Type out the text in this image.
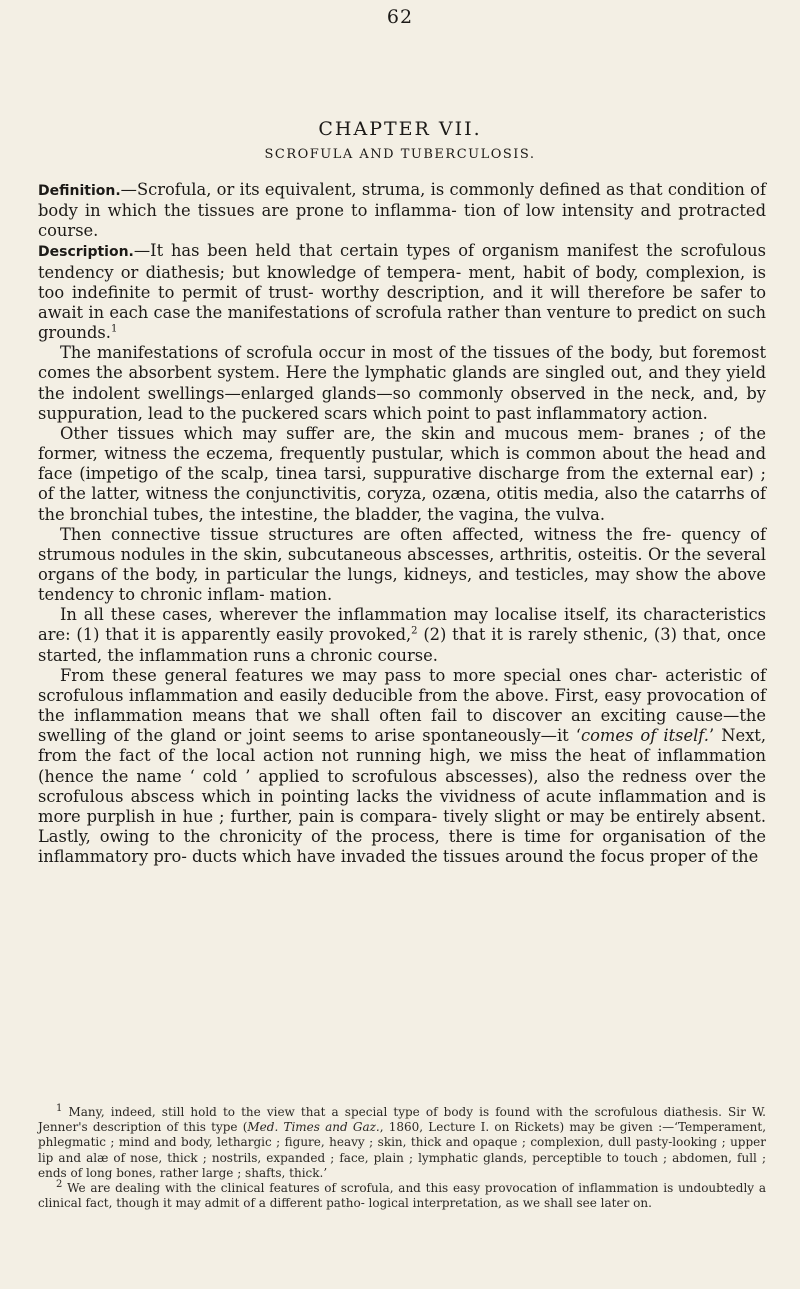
62
CHAPTER VII.
SCROFULA AND TUBERCULOSIS.

Definition.—Scrofula, or its equivalent, struma, is commonly defined as that condition of body in which the tissues are prone to inflamma- tion of low intensity and protracted course.

Description.—It has been held that certain types of organism manifest the scrofulous tendency or diathesis; but knowledge of tempera- ment, habit of body, complexion, is too indefinite to permit of trust- worthy description, and it will therefore be safer to await in each case the manifestations of scrofula rather than venture to predict on such grounds.$^1$

The manifestations of scrofula occur in most of the tissues of the body, but foremost comes the absorbent system. Here the lymphatic glands are singled out, and they yield the indolent swellings—enlarged glands—so commonly observed in the neck, and, by suppuration, lead to the puckered scars which point to past inflammatory action.

Other tissues which may suffer are, the skin and mucous mem- branes ; of the former, witness the eczema, frequently pustular, which is common about the head and face (impetigo of the scalp, tinea tarsi, suppurative discharge from the external ear) ; of the latter, witness the conjunctivitis, coryza, ozæna, otitis media, also the catarrhs of the bronchial tubes, the intestine, the bladder, the vagina, the vulva.

Then connective tissue structures are often affected, witness the fre- quency of strumous nodules in the skin, subcutaneous abscesses, arthritis, osteitis. Or the several organs of the body, in particular the lungs, kidneys, and testicles, may show the above tendency to chronic inflam- mation.

In all these cases, wherever the inflammation may localise itself, its characteristics are: (1) that it is apparently easily provoked,$^2$ (2) that it is rarely sthenic, (3) that, once started, the inflammation runs a chronic course.

From these general features we may pass to more special ones char- acteristic of scrofulous inflammation and easily deducible from the above. First, easy provocation of the inflammation means that we shall often fail to discover an exciting cause—the swelling of the gland or joint seems to arise spontaneously—it ‘comes of itself.’ Next, from the fact of the local action not running high, we miss the heat of inflammation (hence the name ‘ cold ’ applied to scrofulous abscesses), also the redness over the scrofulous abscess which in pointing lacks the vividness of acute inflammation and is more purplish in hue ; further, pain is compara- tively slight or may be entirely absent. Lastly, owing to the chronicity of the process, there is time for organisation of the inflammatory pro- ducts which have invaded the tissues around the focus proper of the

$^1$ Many, indeed, still hold to the view that a special type of body is found with the scrofulous diathesis. Sir W. Jenner's description of this type (Med. Times and Gaz., 1860, Lecture I. on Rickets) may be given :—‘Temperament, phlegmatic ; mind and body, lethargic ; figure, heavy ; skin, thick and opaque ; complexion, dull pasty-looking ; upper lip and alæ of nose, thick ; nostrils, expanded ; face, plain ; lymphatic glands, perceptible to touch ; abdomen, full ; ends of long bones, rather large ; shafts, thick.’

$^2$ We are dealing with the clinical features of scrofula, and this easy provocation of inflammation is undoubtedly a clinical fact, though it may admit of a different patho- logical interpretation, as we shall see later on.
